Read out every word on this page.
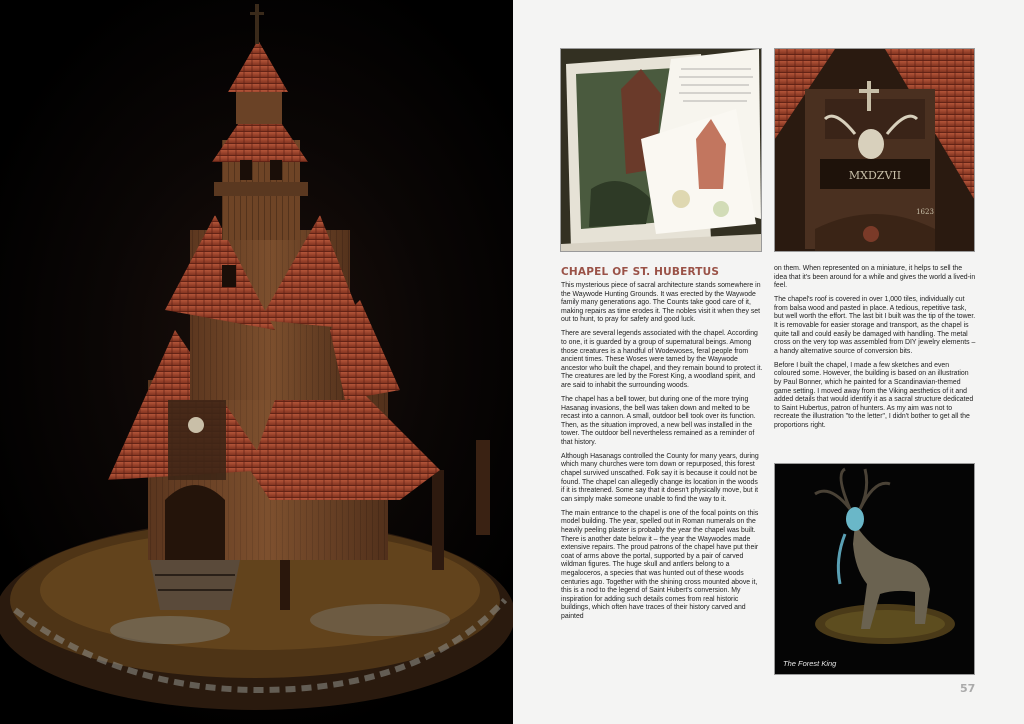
MXDZVII
1623
The Forest King
CHAPEL OF ST. HUBERTUS

This mysterious piece of sacral architecture stands somewhere in the Waywode Hunting Grounds. It was erected by the Waywode family many generations ago. The Counts take good care of it, making repairs as time erodes it. The nobles visit it when they set out to hunt, to pray for safety and good luck.

There are several legends associated with the chapel. According to one, it is guarded by a group of supernatural beings. Among those creatures is a handful of Wodewoses, feral people from ancient times. These Woses were tamed by the Waywode ancestor who built the chapel, and they remain bound to protect it. The creatures are led by the Forest King, a woodland spirit, and are said to inhabit the surrounding woods.

The chapel has a bell tower, but during one of the more trying Hasanag invasions, the bell was taken down and melted to be recast into a cannon. A small, outdoor bell took over its function. Then, as the situation improved, a new bell was installed in the tower. The outdoor bell nevertheless remained as a reminder of that history.

Although Hasanags controlled the County for many years, during which many churches were torn down or repurposed, this forest chapel survived unscathed. Folk say it is because it could not be found. The chapel can allegedly change its location in the woods if it is threatened. Some say that it doesn't physically move, but it can simply make someone unable to find the way to it.

The main entrance to the chapel is one of the focal points on this model building. The year, spelled out in Roman numerals on the heavily peeling plaster is probably the year the chapel was built. There is another date below it – the year the Waywodes made extensive repairs. The proud patrons of the chapel have put their coat of arms above the portal, supported by a pair of carved wildman figures. The huge skull and antlers belong to a megaloceros, a species that was hunted out of these woods centuries ago. Together with the shining cross mounted above it, this is a nod to the legend of Saint Hubert's conversion. My inspiration for adding such details comes from real historic buildings, which often have traces of their history carved and painted

on them. When represented on a miniature, it helps to sell the idea that it's been around for a while and gives the world a lived-in feel.

The chapel's roof is covered in over 1,000 tiles, individually cut from balsa wood and pasted in place. A tedious, repetitive task, but well worth the effort. The last bit I built was the tip of the tower. It is removable for easier storage and transport, as the chapel is quite tall and could easily be damaged with handling. The metal cross on the very top was assembled from DIY jewelry elements – a handy alternative source of conversion bits.

Before I built the chapel, I made a few sketches and even coloured some. However, the building is based on an illustration by Paul Bonner, which he painted for a Scandinavian-themed game setting. I moved away from the Viking aesthetics of it and added details that would identify it as a sacral structure dedicated to Saint Hubertus, patron of hunters. As my aim was not to recreate the illustration "to the letter", I didn't bother to get all the proportions right.

57
